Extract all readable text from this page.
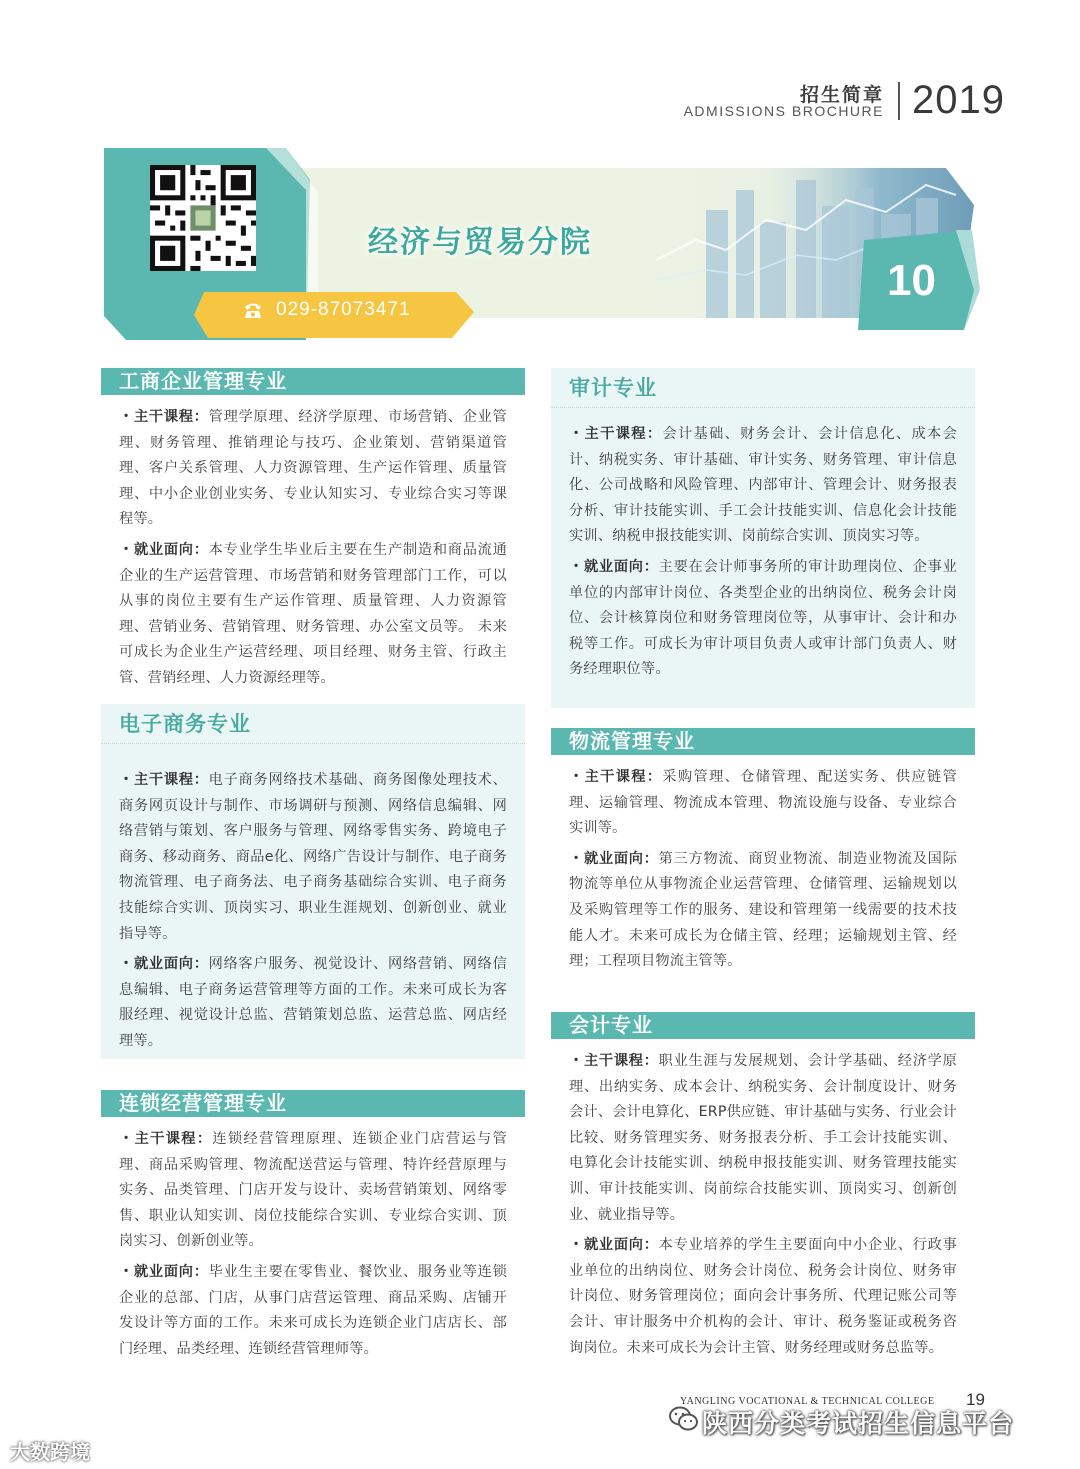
招生简章
ADMISSIONS BROCHURE 2019
经济与贸易分院
10
029-87073471
工商企业管理专业

・主干课程：管理学原理、经济学原理、市场营销、企业管理、财务管理、推销理论与技巧、企业策划、营销渠道管理、客户关系管理、人力资源管理、生产运作管理、质量管理、中小企业创业实务、专业认知实习、专业综合实习等课程等。

・就业面向：本专业学生毕业后主要在生产制造和商品流通企业的生产运营管理、市场营销和财务管理部门工作，可以从事的岗位主要有生产运作管理、质量管理、人力资源管理、营销业务、营销管理、财务管理、办公室文员等。 未来可成长为企业生产运营经理、项目经理、财务主管、行政主管、营销经理、人力资源经理等。

电子商务专业

・主干课程：电子商务网络技术基础、商务图像处理技术、商务网页设计与制作、市场调研与预测、网络信息编辑、网络营销与策划、客户服务与管理、网络零售实务、跨境电子商务、移动商务、商品e化、网络广告设计与制作、电子商务物流管理、电子商务法、电子商务基础综合实训、电子商务技能综合实训、顶岗实习、职业生涯规划、创新创业、就业指导等。

・就业面向：网络客户服务、视觉设计、网络营销、网络信息编辑、电子商务运营管理等方面的工作。未来可成长为客服经理、视觉设计总监、营销策划总监、运营总监、网店经理等。

连锁经营管理专业

・主干课程：连锁经营管理原理、连锁企业门店营运与管理、商品采购管理、物流配送营运与管理、特许经营原理与实务、品类管理、门店开发与设计、卖场营销策划、网络零售、职业认知实训、岗位技能综合实训、专业综合实训、顶岗实习、创新创业等。

・就业面向：毕业生主要在零售业、餐饮业、服务业等连锁企业的总部、门店，从事门店营运管理、商品采购、店铺开发设计等方面的工作。未来可成长为连锁企业门店店长、部门经理、品类经理、连锁经营管理师等。

审计专业

・主干课程：会计基础、财务会计、会计信息化、成本会计、纳税实务、审计基础、审计实务、财务管理、审计信息化、公司战略和风险管理、内部审计、管理会计、财务报表分析、审计技能实训、手工会计技能实训、信息化会计技能实训、纳税申报技能实训、岗前综合实训、顶岗实习等。

・就业面向：主要在会计师事务所的审计助理岗位、企事业单位的内部审计岗位、各类型企业的出纳岗位、税务会计岗位、会计核算岗位和财务管理岗位等，从事审计、会计和办税等工作。可成长为审计项目负责人或审计部门负责人、财务经理职位等。

物流管理专业

・主干课程：采购管理、仓储管理、配送实务、供应链管理、运输管理、物流成本管理、物流设施与设备、专业综合实训等。

・就业面向：第三方物流、商贸业物流、制造业物流及国际物流等单位从事物流企业运营管理、仓储管理、运输规划以及采购管理等工作的服务、建设和管理第一线需要的技术技能人才。未来可成长为仓储主管、经理；运输规划主管、经理；工程项目物流主管等。

会计专业

・主干课程：职业生涯与发展规划、会计学基础、经济学原理、出纳实务、成本会计、纳税实务、会计制度设计、财务会计、会计电算化、ERP供应链、审计基础与实务、行业会计比较、财务管理实务、财务报表分析、手工会计技能实训、电算化会计技能实训、纳税申报技能实训、财务管理技能实训、审计技能实训、岗前综合技能实训、顶岗实习、创新创业、就业指导等。

・就业面向：本专业培养的学生主要面向中小企业、行政事业单位的出纳岗位、财务会计岗位、税务会计岗位、财务审计岗位、财务管理岗位；面向会计事务所、代理记账公司等会计、审计服务中介机构的会计、审计、税务鉴证或税务咨询岗位。未来可成长为会计主管、财务经理或财务总监等。

YANGLING VOCATIONAL & TECHNICAL COLLEGE 19
陕西分类考试招生信息平台
大数跨境
